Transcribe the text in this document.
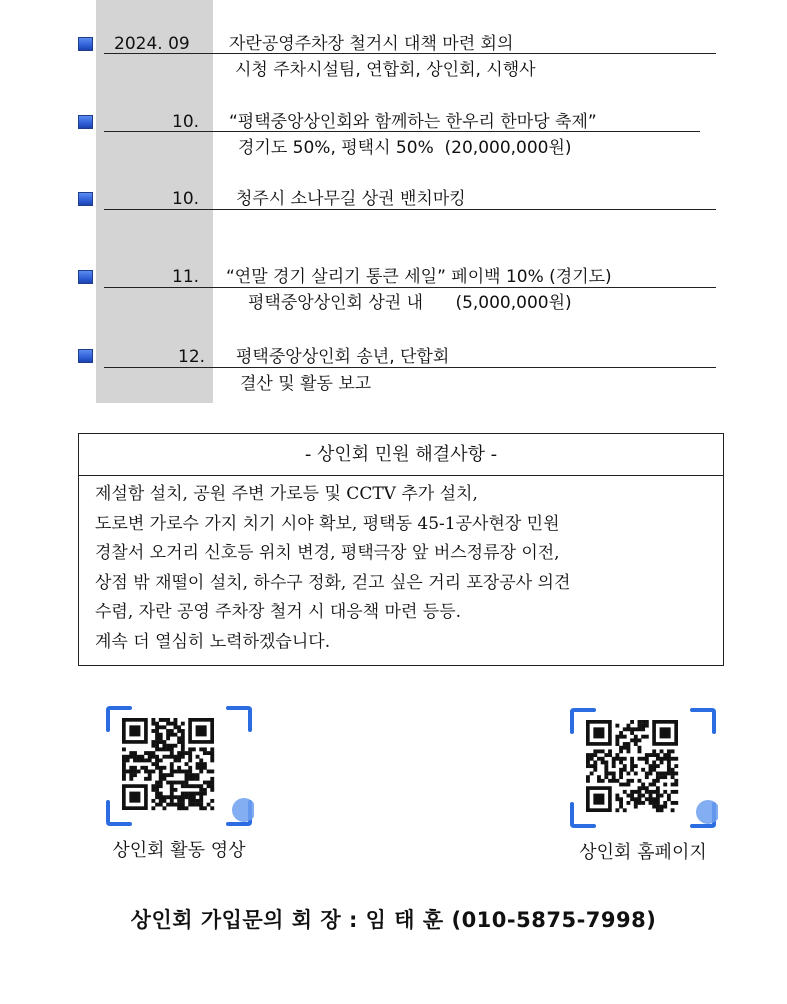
2024. 09 자란공영주차장 철거시 대책 마련 회의
시청 주차시설팀, 연합회, 상인회, 시행사
10. “평택중앙상인회와 함께하는 한우리 한마당 축제”
경기도 50%, 평택시 50%  (20,000,000원)
10. 청주시 소나무길 상권 밴치마킹
11. “연말 경기 살리기 통큰 세일” 페이백 10% (경기도)
평택중앙상인회 상권 내      (5,000,000원)
12. 평택중앙상인회 송년, 단합회
결산 및 활동 보고
- 상인회 민원 해결사항 -
제설함 설치, 공원 주변 가로등 및 CCTV 추가 설치,
도로변 가로수 가지 치기 시야 확보, 평택동 45-1공사현장 민원
경찰서 오거리 신호등 위치 변경, 평택극장 앞 버스정류장 이전,
상점 밖 재떨이 설치, 하수구 정화, 걷고 싶은 거리 포장공사 의견
수렴, 자란 공영 주차장 철거 시 대응책 마련 등등.
계속 더 열심히 노력하겠습니다.
상인회 활동 영상	상인회 홈페이지
상인회 가입문의 회 장 : 임 태 훈 (010-5875-7998)
